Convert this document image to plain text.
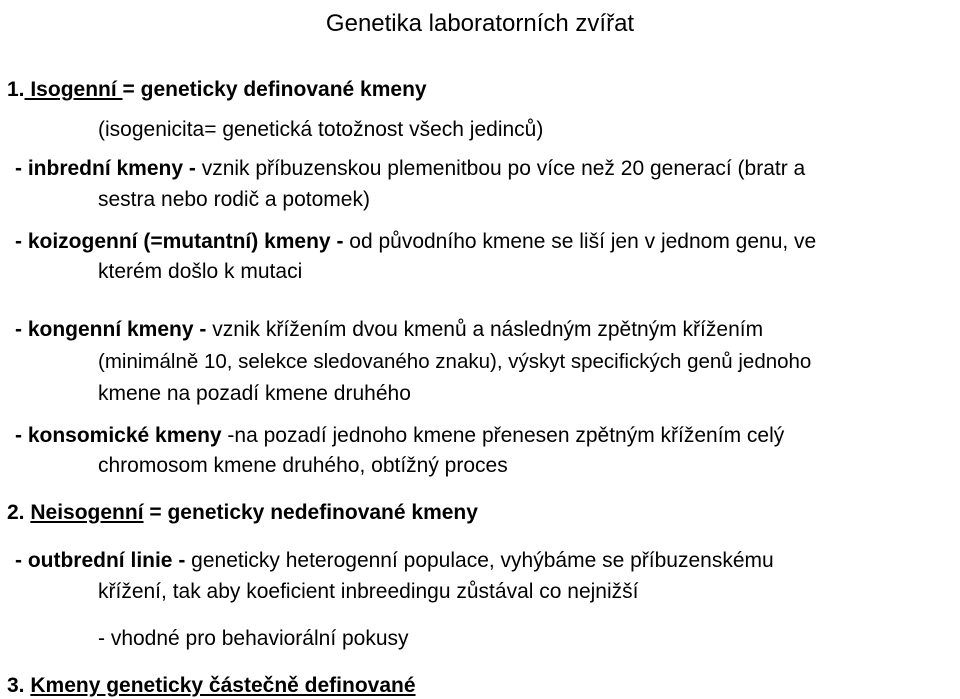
Genetika laboratorních zvířat
1. Isogenní = geneticky definované kmeny
(isogenicita= genetická totožnost všech jedinců)
- inbrední kmeny - vznik příbuzenskou plemenitbou po více než 20 generací (bratr a
sestra nebo rodič a potomek)
- koizogenní (=mutantní) kmeny - od původního kmene se liší jen v jednom genu, ve
kterém došlo k mutaci
- kongenní kmeny - vznik křížením dvou kmenů a následným zpětným křížením
(minimálně 10, selekce sledovaného znaku), výskyt specifických genů jednoho
kmene na pozadí kmene druhého
- konsomické kmeny -na pozadí jednoho kmene přenesen zpětným křížením celý
chromosom kmene druhého, obtížný proces
2. Neisogenní = geneticky nedefinované kmeny
- outbrední linie - geneticky heterogenní populace, vyhýbáme se příbuzenskému
křížení, tak aby koeficient inbreedingu zůstával co nejnižší
- vhodné pro behaviorální pokusy
3. Kmeny geneticky částečně definované
